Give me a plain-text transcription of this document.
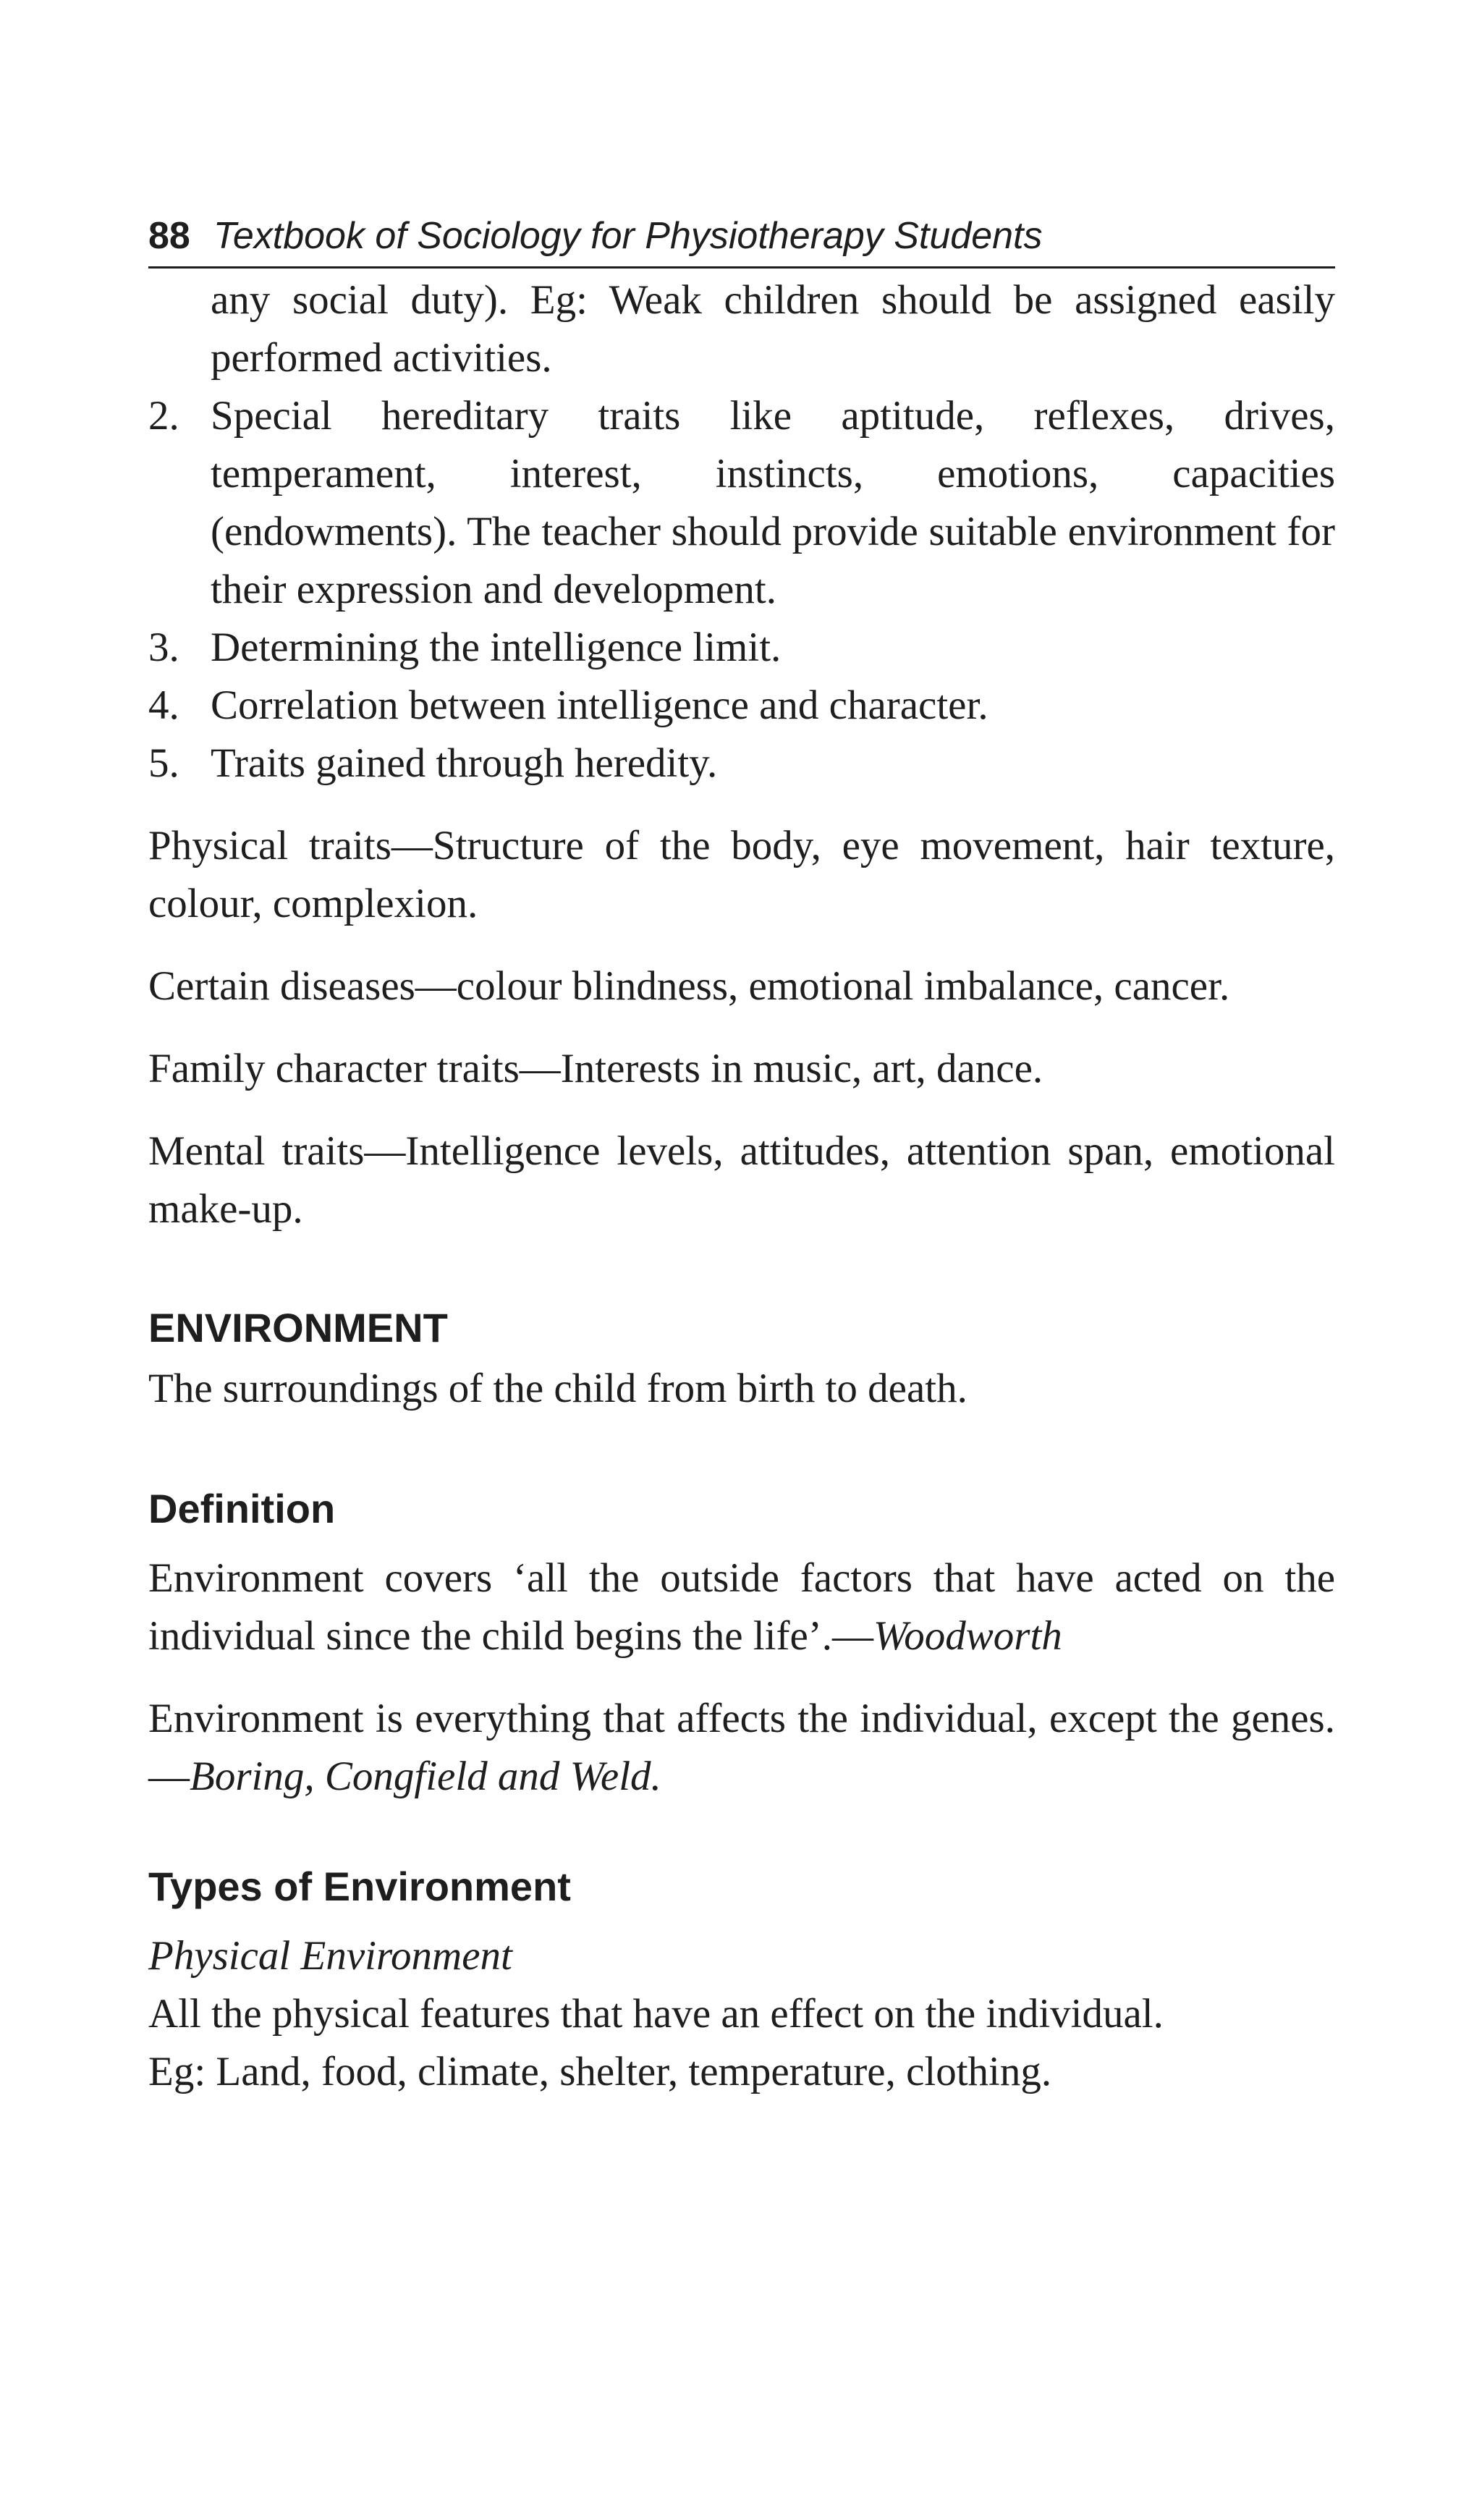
88 Textbook of Sociology for Physiotherapy Students
any social duty). Eg: Weak children should be assigned easily performed activities.
2. Special hereditary traits like aptitude, reflexes, drives, temperament, interest, instincts, emotions, capacities (endowments). The teacher should provide suitable environment for their expression and development.
3. Determining the intelligence limit.
4. Correlation between intelligence and character.
5. Traits gained through heredity.

Physical traits—Structure of the body, eye movement, hair texture, colour, complexion.

Certain diseases—colour blindness, emotional imbalance, cancer.

Family character traits—Interests in music, art, dance.

Mental traits—Intelligence levels, attitudes, attention span, emotional make-up.

ENVIRONMENT
The surroundings of the child from birth to death.
Definition

Environment covers ‘all the outside factors that have acted on the individual since the child begins the life’.—Woodworth

Environment is everything that affects the individual, except the genes.—Boring, Congfield and Weld.

Types of Environment
Physical Environment
All the physical features that have an effect on the individual.
Eg: Land, food, climate, shelter, temperature, clothing.
